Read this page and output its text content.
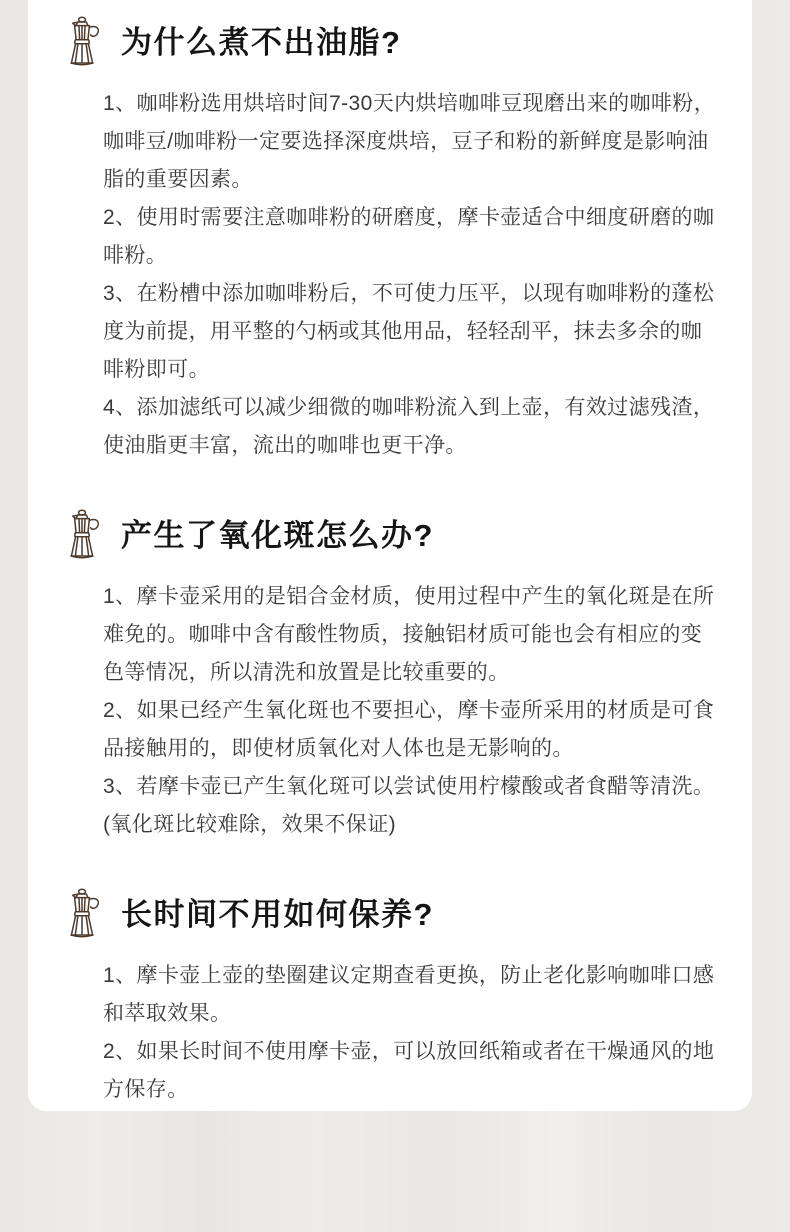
为什么煮不出油脂?

1、咖啡粉选用烘培时间7-30天内烘培咖啡豆现磨出来的咖啡粉，咖啡豆/咖啡粉一定要选择深度烘培，豆子和粉的新鲜度是影响油脂的重要因素。

2、使用时需要注意咖啡粉的研磨度，摩卡壶适合中细度研磨的咖啡粉。

3、在粉槽中添加咖啡粉后，不可使力压平，以现有咖啡粉的蓬松度为前提，用平整的勺柄或其他用品，轻轻刮平，抹去多余的咖啡粉即可。

4、添加滤纸可以减少细微的咖啡粉流入到上壶，有效过滤残渣，使油脂更丰富，流出的咖啡也更干净。

产生了氧化斑怎么办?

1、摩卡壶采用的是铝合金材质，使用过程中产生的氧化斑是在所难免的。咖啡中含有酸性物质，接触铝材质可能也会有相应的变色等情况，所以清洗和放置是比较重要的。

2、如果已经产生氧化斑也不要担心，摩卡壶所采用的材质是可食品接触用的，即使材质氧化对人体也是无影响的。

3、若摩卡壶已产生氧化斑可以尝试使用柠檬酸或者食醋等清洗。(氧化斑比较难除，效果不保证)

长时间不用如何保养?

1、摩卡壶上壶的垫圈建议定期查看更换，防止老化影响咖啡口感和萃取效果。

2、如果长时间不使用摩卡壶，可以放回纸箱或者在干燥通风的地方保存。
